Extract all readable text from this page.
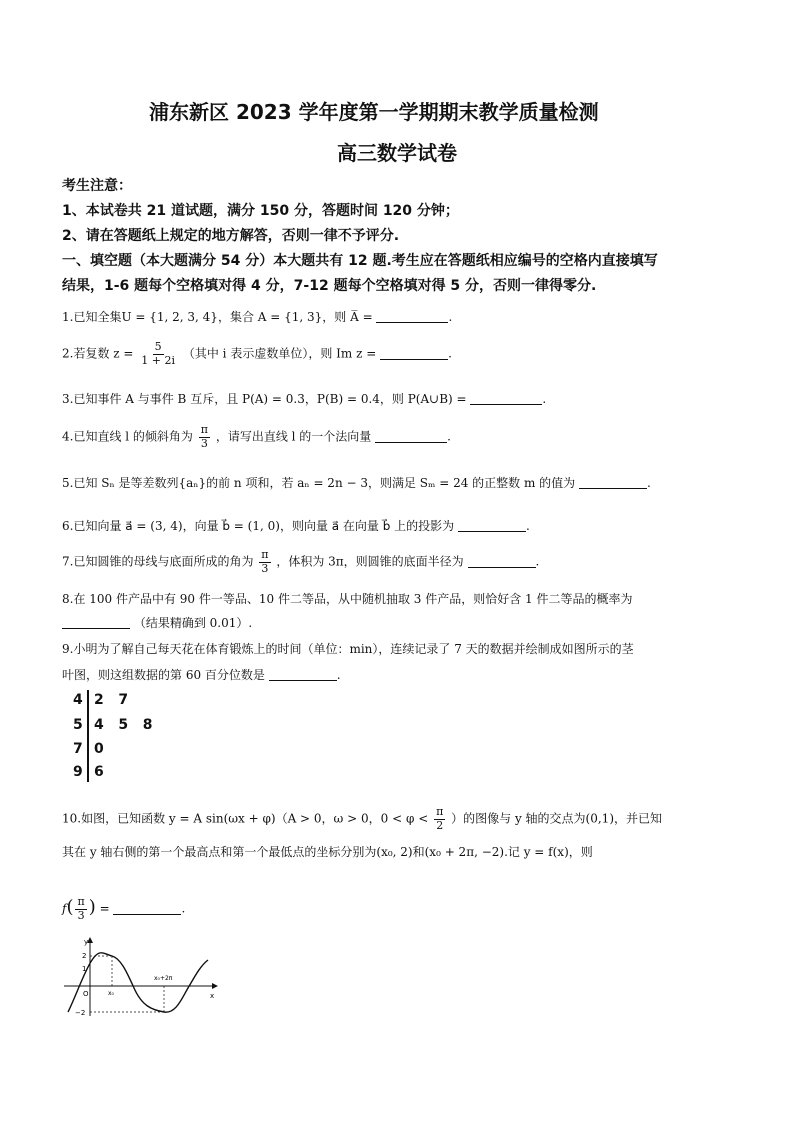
浦东新区 2023 学年度第一学期期末教学质量检测
高三数学试卷
考生注意：
1、本试卷共 21 道试题，满分 150 分，答题时间 120 分钟；
2、请在答题纸上规定的地方解答，否则一律不予评分.
一、填空题（本大题满分 54 分）本大题共有 12 题.考生应在答题纸相应编号的空格内直接填写
结果，1-6 题每个空格填对得 4 分，7-12 题每个空格填对得 5 分，否则一律得零分.
1.已知全集U = {1, 2, 3, 4}，集合 A = {1, 3}，则 A̅ =	.
2.若复数 $z = \frac{5}{1 + 2i}$ （其中 i 表示虚数单位），则 Im z =	.
3.已知事件 A 与事件 B 互斥，且 P(A) = 0.3，P(B) = 0.4，则 P(A∪B) =	.
4.已知直线 l 的倾斜角为 $\frac{\pi}{3}$ ，请写出直线 l 的一个法向量	.
5.已知 Sₙ 是等差数列{aₙ}的前 n 项和，若 aₙ = 2n − 3，则满足 Sₘ = 24 的正整数 m 的值为	.
6.已知向量 a⃗ = (3, 4)，向量 b⃗ = (1, 0)，则向量 a⃗ 在向量 b⃗ 上的投影为	.
7.已知圆锥的母线与底面所成的角为 $\frac{\pi}{3}$ ，体积为 3π，则圆锥的底面半径为	.
8.在 100 件产品中有 90 件一等品、10 件二等品，从中随机抽取 3 件产品，则恰好含 1 件二等品的概率为
（结果精确到 0.01）.
9.小明为了解自己每天花在体育锻炼上的时间（单位：min），连续记录了 7 天的数据并绘制成如图所示的茎
叶图，则这组数据的第 60 百分位数是	.
4 2   7
5 4   5   8
7 0
9 6
10.如图，已知函数 y = A sin(ωx + φ)（A > 0，ω > 0，$0 < \varphi < \frac{\pi}{2}$ ）的图像与 y 轴的交点为(0,1)，并已知
其在 y 轴右侧的第一个最高点和第一个最低点的坐标分别为(x₀, 2)和(x₀ + 2π, −2).记 y = f(x)，则
$f( \frac{\pi}{3}$ ) =	.
y
x
O
2
1
−2
x₀
x₀+2π
